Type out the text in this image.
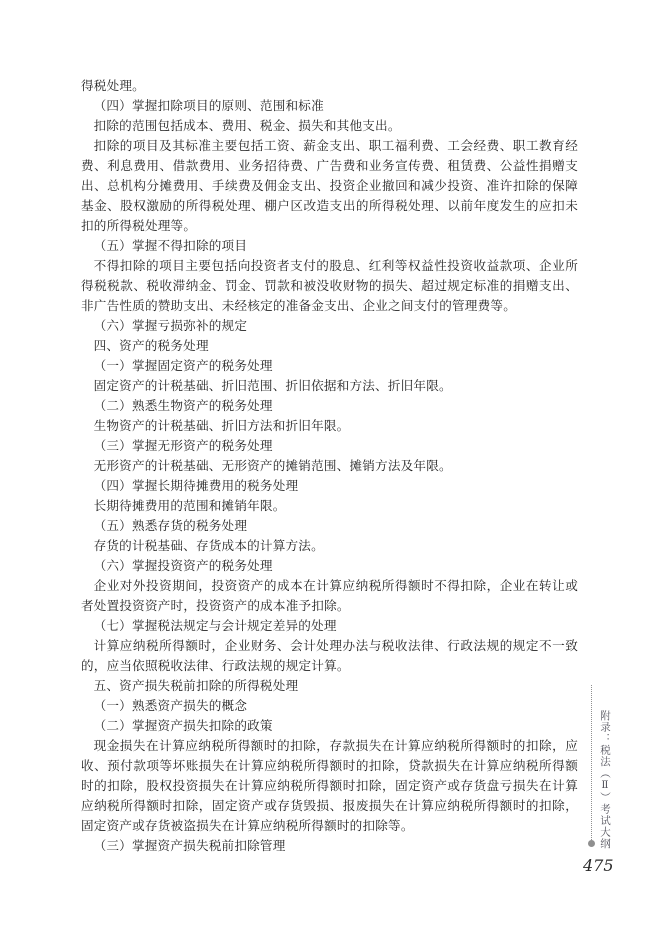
得税处理。

（四）掌握扣除项目的原则、范围和标准

扣除的范围包括成本、费用、税金、损失和其他支出。

扣除的项目及其标准主要包括工资、薪金支出、职工福利费、工会经费、职工教育经费、利息费用、借款费用、业务招待费、广告费和业务宣传费、租赁费、公益性捐赠支出、总机构分摊费用、手续费及佣金支出、投资企业撤回和减少投资、准许扣除的保障基金、股权激励的所得税处理、棚户区改造支出的所得税处理、以前年度发生的应扣未扣的所得税处理等。

（五）掌握不得扣除的项目

不得扣除的项目主要包括向投资者支付的股息、红利等权益性投资收益款项、企业所得税税款、税收滞纳金、罚金、罚款和被没收财物的损失、超过规定标准的捐赠支出、非广告性质的赞助支出、未经核定的准备金支出、企业之间支付的管理费等。

（六）掌握亏损弥补的规定

四、资产的税务处理

（一）掌握固定资产的税务处理

固定资产的计税基础、折旧范围、折旧依据和方法、折旧年限。

（二）熟悉生物资产的税务处理

生物资产的计税基础、折旧方法和折旧年限。

（三）掌握无形资产的税务处理

无形资产的计税基础、无形资产的摊销范围、摊销方法及年限。

（四）掌握长期待摊费用的税务处理

长期待摊费用的范围和摊销年限。

（五）熟悉存货的税务处理

存货的计税基础、存货成本的计算方法。

（六）掌握投资资产的税务处理

企业对外投资期间，投资资产的成本在计算应纳税所得额时不得扣除，企业在转让或者处置投资资产时，投资资产的成本准予扣除。

（七）掌握税法规定与会计规定差异的处理

计算应纳税所得额时，企业财务、会计处理办法与税收法律、行政法规的规定不一致的，应当依照税收法律、行政法规的规定计算。

五、资产损失税前扣除的所得税处理

（一）熟悉资产损失的概念

（二）掌握资产损失扣除的政策

现金损失在计算应纳税所得额时的扣除，存款损失在计算应纳税所得额时的扣除，应收、预付款项等坏账损失在计算应纳税所得额时的扣除，贷款损失在计算应纳税所得额时的扣除，股权投资损失在计算应纳税所得额时扣除，固定资产或存货盘亏损失在计算应纳税所得额时扣除，固定资产或存货毁损、报废损失在计算应纳税所得额时的扣除，固定资产或存货被盗损失在计算应纳税所得额时的扣除等。

（三）掌握资产损失税前扣除管理	附录：税法（Ⅱ）考试大纲
475
